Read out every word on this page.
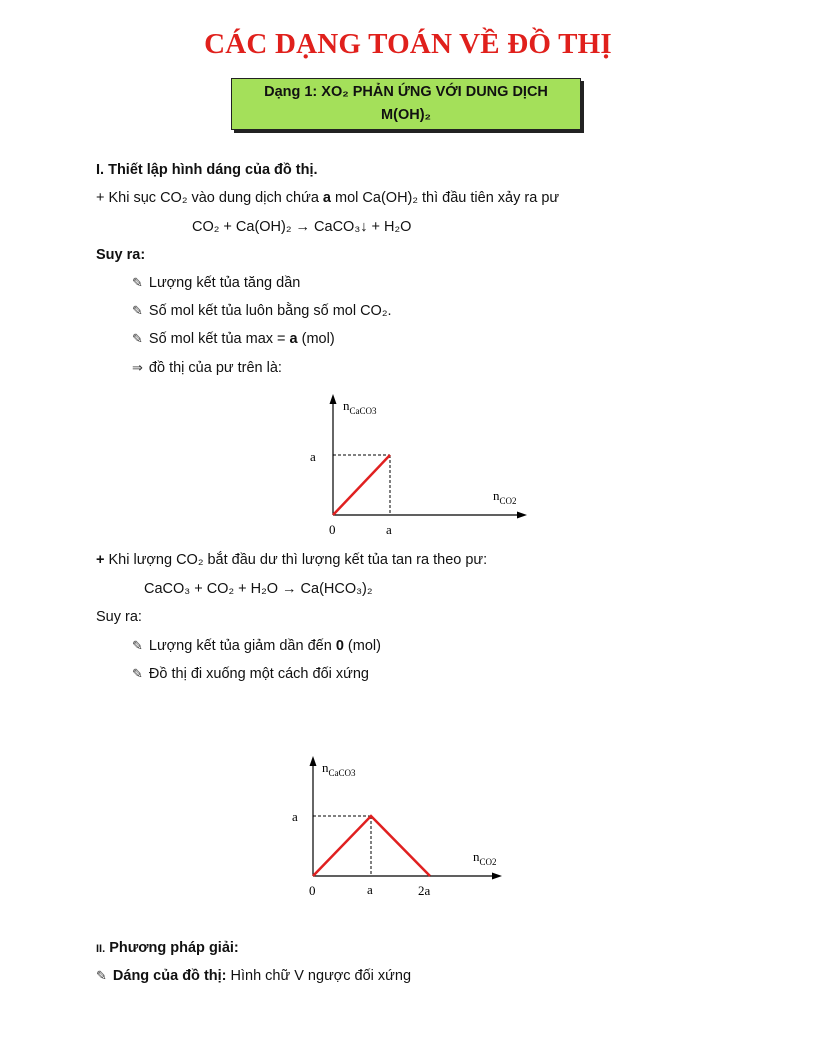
CÁC DẠNG TOÁN VỀ ĐỒ THỊ
Dạng 1: XO₂ PHẢN ỨNG VỚI DUNG DỊCH
M(OH)₂
I. Thiết lập hình dáng của đồ thị.
+ Khi sục CO₂ vào dung dịch chứa a mol Ca(OH)₂ thì đầu tiên xảy ra pư
CO₂ + Ca(OH)₂ → CaCO₃↓ + H₂O
Suy ra:
✎ Lượng kết tủa tăng dần
✎ Số mol kết tủa luôn bằng số mol CO₂.
✎ Số mol kết tủa max = a (mol)
⇒ đồ thị của pư trên là:
$n_{CaCO3}$
$n_{CO2}$
a
0	a
+ Khi lượng CO₂ bắt đầu dư thì lượng kết tủa tan ra theo pư:
CaCO₃ + CO₂ + H₂O → Ca(HCO₃)₂
Suy ra:
✎ Lượng kết tủa giảm dần đến 0 (mol)
✎ Đồ thị đi xuống một cách đối xứng
$n_{CaCO3}$
$n_{CO2}$
a
0	a	2a
II. Phương pháp giải:
✎ Dáng của đồ thị: Hình chữ V ngược đối xứng
